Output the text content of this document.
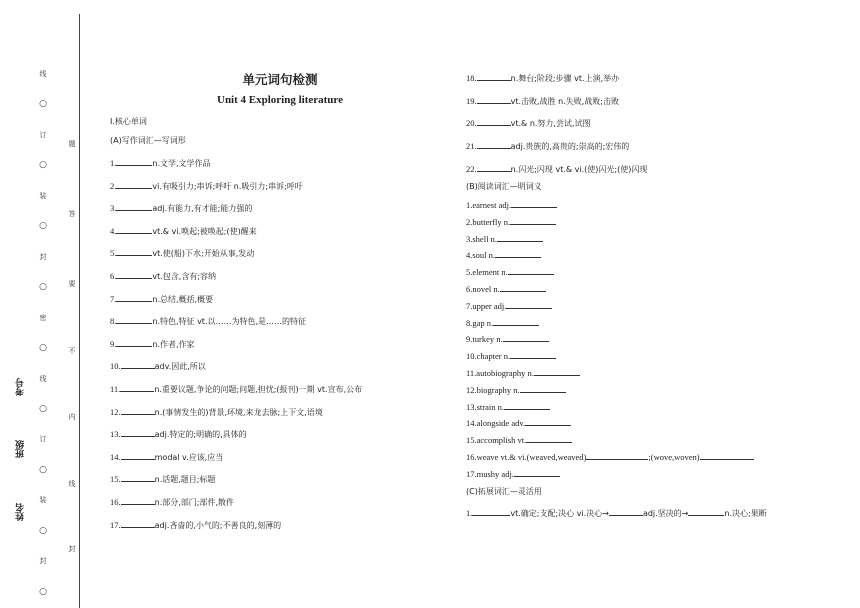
线
○
订
○
装
○
封
○
密
○
线
○
订
○
装
○
封
○
题
答
要
不
内
线
封
考号
班级
姓名
单元词句检测
Unit 4 Exploring literature
Ⅰ.核心单词
(A)写作词汇—写词形
1.	n.文学,文学作品
2.	vi.有吸引力;串诉;呼吁 n.吸引力;串诉;呼吁
3.	adj.有能力,有才能;能力强的
4.	vt.& vi.唤起;被唤起;(使)醒来
5.	vt.使(船)下水;开始从事,发动
6.	vt.包含,含有;容纳
7.	n.总结,概括,概要
8.	n.特色,特征 vt.以……为特色,是……的特征
9.	n.作者,作家
10.	adv.因此,所以
11.	n.重要议题,争论的问题;问题,担忧;(报刊)一期 vt.宣布,公布
12.	n.(事情发生的)背景,环境,来龙去脉;上下文,语境
13.	adj.特定的;明确的,具体的
14.	modal v.应该,应当
15.	n.话题,题目;标题
16.	n.部分,部门;部件,散件
17.	adj.吝啬的,小气的;不善良的,刻薄的
18.	n.舞台;阶段;步骤 vt.上演,举办
19.	vt.击败,战胜 n.失败,战败;击败
20.	vt.& n.努力,尝试,试图
21.	adj.贵族的,高贵的;崇高的;宏伟的
22.	n.闪光;闪现 vt.& vi.(使)闪光;(使)闪现
(B)阅读词汇—明词义
1.earnest adj.
2.butterfly n.
3.shell n.
4.soul n.
5.element n.
6.novel n.
7.upper adj.
8.gap n.
9.turkey n.
10.chapter n.
11.autobiography n.
12.biography n.
13.strain n.
14.alongside adv.
15.accomplish vt.
16.weave vt.& vi.(weaved,weaved)	;(wove,woven)
17.mushy adj.
(C)拓展词汇—灵活用
1.	vt.确定;支配;决心 vi.决心→	adj.坚决的→	n.决心;果断
